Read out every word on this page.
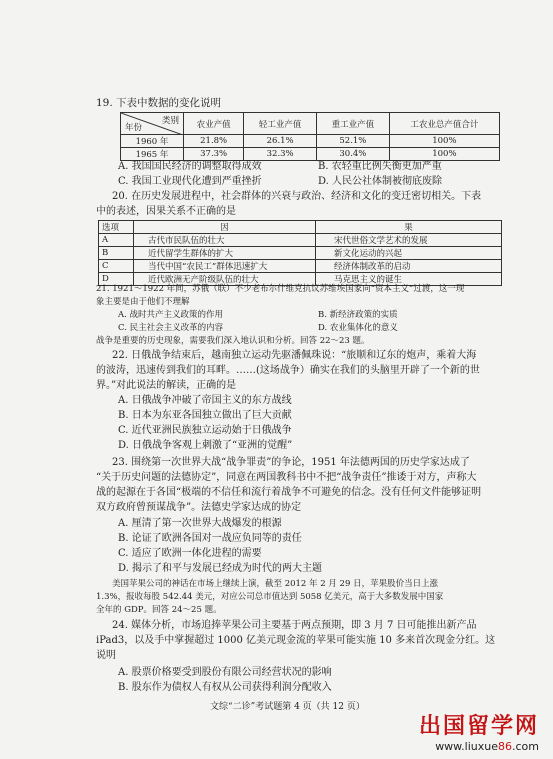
19. 下表中数据的变化说明
类别
年份	农业产值	轻工业产值	重工业产值	工农业总产值合计
1960 年	21.8%	26.1%	52.1%	100%
1965 年	37.3%	32.3%	30.4%	100%
A. 我国国民经济的调整取得成效	B. 农轻重比例失衡更加严重
C. 我国工业现代化遭到严重挫折	D. 人民公社体制被彻底废除
20. 在历史发展进程中，社会群体的兴衰与政治、经济和文化的变迁密切相关。下表
中的表述，因果关系不正确的是
选项	因	果
A	古代市民队伍的壮大	宋代世俗文学艺术的发展
B	近代留学生群体的扩大	新文化运动的兴起
C	当代中国“农民工”群体迅速扩大	经济体制改革的启动
D	近代欧洲无产阶级队伍的壮大	马克思主义的诞生
21. 1921～1922 年间，苏俄（联）不少老布尔什维克抗议苏维埃国家向“资本主义”过渡，这一现
象主要是由于他们不理解
A. 战时共产主义政策的作用	B. 新经济政策的实质
C. 民主社会主义改革的内容	D. 农业集体化的意义
战争是重要的历史现象，需要我们深入地认识和分析。回答 22～23 题。
22. 日俄战争结束后，越南独立运动先驱潘佩珠说：“旅顺和辽东的炮声，乘着大海
的波涛，迅速传到我们的耳畔。……(这场战争）确实在我们的头脑里开辟了一个新的世
界。”对此说法的解读，正确的是
A. 日俄战争冲破了帝国主义的东方战线
B. 日本为东亚各国独立做出了巨大贡献
C. 近代亚洲民族独立运动始于日俄战争
D. 日俄战争客观上刺激了“亚洲的觉醒”
23. 围绕第一次世界大战“战争罪责”的争论，1951 年法德两国的历史学家达成了
“关于历史问题的法德协定”，同意在两国教科书中不把“战争责任”推诿于对方，声称大
战的起源在于各国“极端的不信任和流行着战争不可避免的信念。没有任何文件能够证明
双方政府曾预谋战争”。法德史学家达成的协定
A. 厘清了第一次世界大战爆发的根源
B. 论证了欧洲各国对一战应负同等的责任
C. 适应了欧洲一体化进程的需要
D. 揭示了和平与发展已经成为时代的两大主题
美国苹果公司的神话在市场上继续上演，截至 2012 年 2 月 29 日，苹果股价当日上涨
1.3%，报收每股 542.44 美元，对应公司总市值达到 5058 亿美元，高于大多数发展中国家
全年的 GDP。回答 24～25 题。
24. 媒体分析，市场追捧苹果公司主要基于两点预期，即 3 月 7 日可能推出新产品
iPad3，以及手中掌握超过 1000 亿美元现金流的苹果可能实施 10 多来首次现金分红。这
说明
A. 股票价格要受到股份有限公司经营状况的影响
B. 股东作为债权人有权从公司获得利润分配收入
文综“二诊”考试题第 4 页（共 12 页）
出国留学网
www.liuxue86.com
